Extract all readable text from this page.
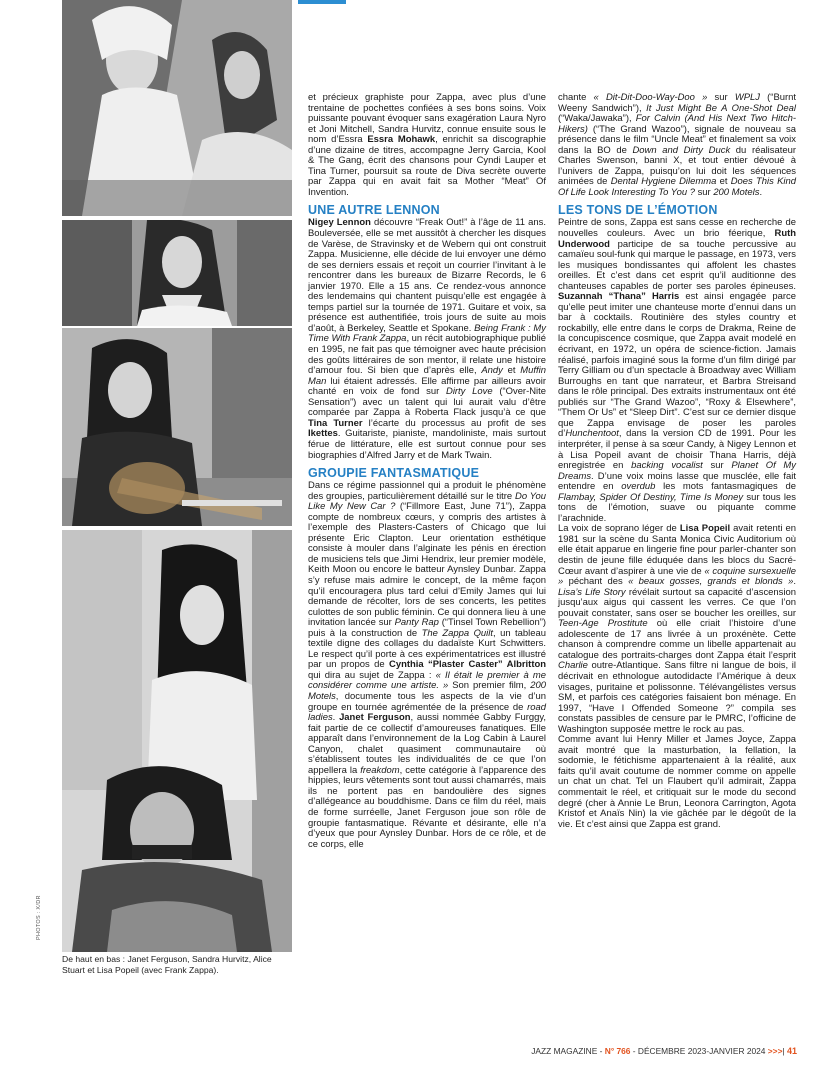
PHOTOS : X/DR
De haut en bas : Janet Ferguson, Sandra Hurvitz, Alice Stuart et Lisa Popeil (avec Frank Zappa).

et précieux graphiste pour Zappa, avec plus d’une trentaine de pochettes confiées à ses bons soins. Voix puissante pouvant évoquer sans exagération Laura Nyro et Joni Mitchell, Sandra Hurvitz, connue ensuite sous le nom d’Essra Essra Mohawk, enrichit sa discographie d’une dizaine de titres, accompagne Jerry Garcia, Kool & The Gang, écrit des chansons pour Cyndi Lauper et Tina Turner, poursuit sa route de Diva secrète ouverte par Zappa qui en avait fait sa Mother “Meat” Of Invention.

UNE AUTRE LENNON

Nigey Lennon découvre “Freak Out!” à l’âge de 11 ans. Bouleversée, elle se met aussitôt à chercher les disques de Varèse, de Stravinsky et de Webern qui ont construit Zappa. Musicienne, elle décide de lui envoyer une démo de ses derniers essais et reçoit un courrier l’invitant à le rencontrer dans les bureaux de Bizarre Records, le 6 janvier 1970. Elle a 15 ans. Ce rendez-vous annonce des lendemains qui chantent puisqu’elle est engagée à temps partiel sur la tournée de 1971. Guitare et voix, sa présence est authentifiée, trois jours de suite au mois d’août, à Berkeley, Seattle et Spokane. Being Frank : My Time With Frank Zappa, un récit autobiographique publié en 1995, ne fait pas que témoigner avec haute précision des goûts littéraires de son mentor, il relate une histoire d’amour fou. Si bien que d’après elle, Andy et Muffin Man lui étaient adressés. Elle affirme par ailleurs avoir chanté en voix de fond sur Dirty Love (“Over-Nite Sensation”) avec un talent qui lui aurait valu d’être comparée par Zappa à Roberta Flack jusqu’à ce que Tina Turner l’écarte du processus au profit de ses Ikettes. Guitariste, pianiste, mandoliniste, mais surtout férue de littérature, elle est surtout connue pour ses biographies d’Alfred Jarry et de Mark Twain.

GROUPIE FANTASMATIQUE

Dans ce régime passionnel qui a produit le phénomène des groupies, particulièrement détaillé sur le titre Do You Like My New Car ? (“Fillmore East, June 71”), Zappa compte de nombreux cœurs, y compris des artistes à l’exemple des Plasters-Casters of Chicago que lui présente Eric Clapton. Leur orientation esthétique consiste à mouler dans l’alginate les pénis en érection de musiciens tels que Jimi Hendrix, leur premier modèle, Keith Moon ou encore le batteur Aynsley Dunbar. Zappa s’y refuse mais admire le concept, de la même façon qu’il encouragera plus tard celui d’Emily James qui lui demande de récolter, lors de ses concerts, les petites culottes de son public féminin. Ce qui donnera lieu à une invitation lancée sur Panty Rap (“Tinsel Town Rebellion”) puis à la construction de The Zappa Quilt, un tableau textile digne des collages du dadaïste Kurt Schwitters. Le respect qu’il porte à ces expérimentatrices est illustré par un propos de Cynthia “Plaster Caster” Albritton qui dira au sujet de Zappa : « Il était le premier à me considérer comme une artiste. » Son premier film, 200 Motels, documente tous les aspects de la vie d’un groupe en tournée agrémentée de la présence de road ladies. Janet Ferguson, aussi nommée Gabby Furggy, fait partie de ce collectif d’amoureuses fanatiques. Elle apparaît dans l’environnement de la Log Cabin à Laurel Canyon, chalet quasiment communautaire où s’établissent toutes les individualités de ce que l’on appellera la freakdom, cette catégorie à l’apparence des hippies, leurs vêtements sont tout aussi chamarrés, mais ils ne portent pas en bandoulière des signes d’allégeance au bouddhisme. Dans ce film du réel, mais de forme surréelle, Janet Ferguson joue son rôle de groupie fantasmatique. Révante et désirante, elle n’a d’yeux que pour Aynsley Dunbar. Hors de ce rôle, et de ce corps, elle

chante « Dit-Dit-Doo-Way-Doo » sur WPLJ (“Burnt Weeny Sandwich”), It Just Might Be A One-Shot Deal (“Waka/Jawaka”), For Calvin (And His Next Two Hitch-Hikers) (“The Grand Wazoo”), signale de nouveau sa présence dans le film “Uncle Meat” et finalement sa voix dans la BO de Down and Dirty Duck du réalisateur Charles Swenson, banni X, et tout entier dévoué à l’univers de Zappa, puisqu’on lui doit les séquences animées de Dental Hygiene Dilemma et Does This Kind Of Life Look Interesting To You ? sur 200 Motels.

LES TONS DE L’ÉMOTION

Peintre de sons, Zappa est sans cesse en recherche de nouvelles couleurs. Avec un brio féerique, Ruth Underwood participe de sa touche percussive au camaïeu soul-funk qui marque le passage, en 1973, vers les musiques bondissantes qui affolent les chastes oreilles. Et c’est dans cet esprit qu’il auditionne des chanteuses capables de porter ses paroles épineuses. Suzannah “Thana” Harris est ainsi engagée parce qu’elle peut imiter une chanteuse morte d’ennui dans un bar à cocktails. Routinière des styles country et rockabilly, elle entre dans le corps de Drakma, Reine de la concupiscence cosmique, que Zappa avait modelé en écrivant, en 1972, un opéra de science-fiction. Jamais réalisé, parfois imaginé sous la forme d’un film dirigé par Terry Gilliam ou d’un spectacle à Broadway avec William Burroughs en tant que narrateur, et Barbra Streisand dans le rôle principal. Des extraits instrumentaux ont été publiés sur “The Grand Wazoo”, “Roxy & Elsewhere”, “Them Or Us” et “Sleep Dirt”. C’est sur ce dernier disque que Zappa envisage de poser les paroles d’Hunchentoot, dans la version CD de 1991. Pour les interpréter, il pense à sa sœur Candy, à Nigey Lennon et à Lisa Popeil avant de choisir Thana Harris, déjà enregistrée en backing vocalist sur Planet Of My Dreams. D’une voix moins lasse que musclée, elle fait entendre en overdub les mots fantasmagiques de Flambay, Spider Of Destiny, Time Is Money sur tous les tons de l’émotion, suave ou piquante comme l’arachnide.

La voix de soprano léger de Lisa Popeil avait retenti en 1981 sur la scène du Santa Monica Civic Auditorium où elle était apparue en lingerie fine pour parler-chanter son destin de jeune fille éduquée dans les blocs du Sacré-Cœur avant d’aspirer à une vie de « coquine sursexuelle » péchant des « beaux gosses, grands et blonds ». Lisa’s Life Story révélait surtout sa capacité d’ascension jusqu’aux aigus qui cassent les verres. Ce que l’on pouvait constater, sans oser se boucher les oreilles, sur Teen-Age Prostitute où elle criait l’histoire d’une adolescente de 17 ans livrée à un proxénète. Cette chanson à comprendre comme un libelle appartenait au catalogue des portraits-charges dont Zappa était l’esprit Charlie outre-Atlantique. Sans filtre ni langue de bois, il décrivait en ethnologue autodidacte l’Amérique à deux visages, puritaine et polissonne. Télévangélistes versus SM, et parfois ces catégories faisaient bon ménage. En 1997, “Have I Offended Someone ?” compila ses constats passibles de censure par le PMRC, l’officine de Washington supposée mettre le rock au pas.

Comme avant lui Henry Miller et James Joyce, Zappa avait montré que la masturbation, la fellation, la sodomie, le fétichisme appartenaient à la réalité, aux faits qu’il avait coutume de nommer comme on appelle un chat un chat. Tel un Flaubert qu’il admirait, Zappa commentait le réel, et critiquait sur le mode du second degré (cher à Annie Le Brun, Leonora Carrington, Agota Kristof et Anaïs Nin) la vie gâchée par le dégoût de la vie. Et c’est ainsi que Zappa est grand.

JAZZ MAGAZINE - N° 766 - DÉCEMBRE 2023-JANVIER 2024 >>>| 41
